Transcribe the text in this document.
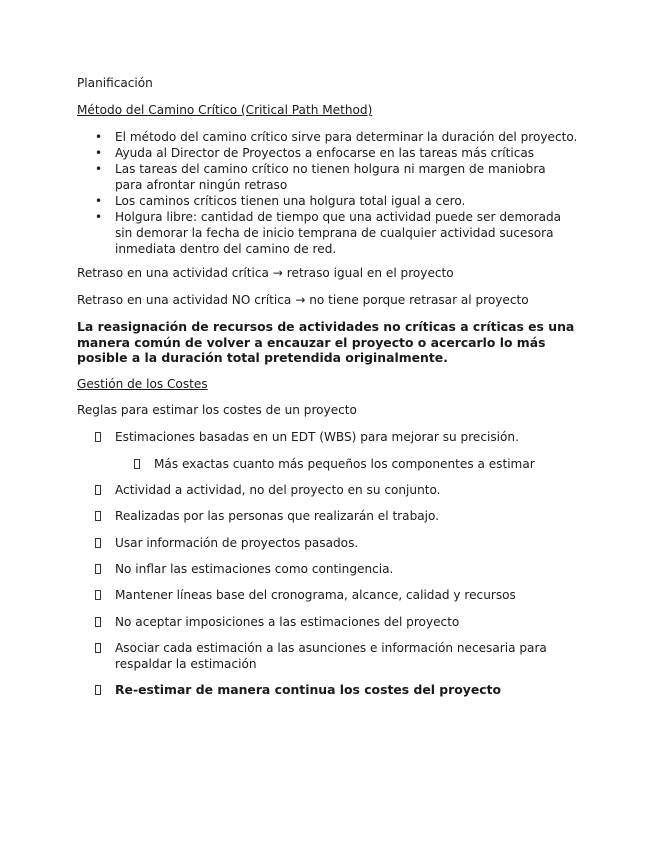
Planificación
Método del Camino Crítico (Critical Path Method)
• El método del camino crítico sirve para determinar la duración del proyecto.
• Ayuda al Director de Proyectos a enfocarse en las tareas más críticas
• Las tareas del camino crítico no tienen holgura ni margen de maniobra para afrontar ningún retraso
• Los caminos críticos tienen una holgura total igual a cero.
• Holgura libre: cantidad de tiempo que una actividad puede ser demorada sin demorar la fecha de inicio temprana de cualquier actividad sucesora inmediata dentro del camino de red.
Retraso en una actividad crítica → retraso igual en el proyecto
Retraso en una actividad NO crítica → no tiene porque retrasar al proyecto
La reasignación de recursos de actividades no críticas a críticas es una manera común de volver a encauzar el proyecto o acercarlo lo más posible a la duración total pretendida originalmente.
Gestión de los Costes
Reglas para estimar los costes de un proyecto
Estimaciones basadas en un EDT (WBS) para mejorar su precisión.
Más exactas cuanto más pequeños los componentes a estimar
Actividad a actividad, no del proyecto en su conjunto.
Realizadas por las personas que realizarán el trabajo.
Usar información de proyectos pasados.
No inflar las estimaciones como contingencia.
Mantener líneas base del cronograma, alcance, calidad y recursos
No aceptar imposiciones a las estimaciones del proyecto
Asociar cada estimación a las asunciones e información necesaria para respaldar la estimación
Re-estimar de manera continua los costes del proyecto
